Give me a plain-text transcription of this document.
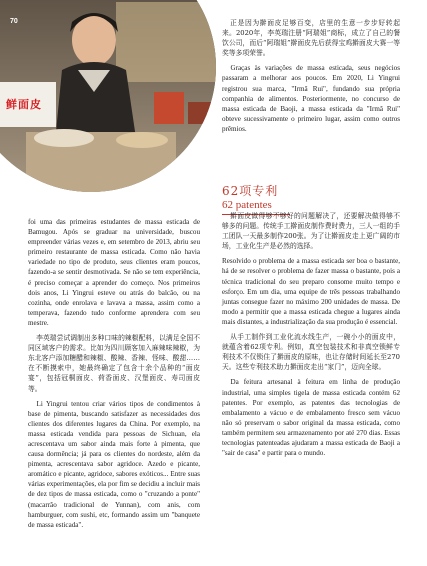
70
鲜面皮

foi uma das primeiras estudantes de massa esticada de Bamugou. Após se graduar na universidade, buscou empreender várias vezes e, em setembro de 2013, abriu seu primeiro restaurante de massa esticada. Como não havia variedade no tipo de produto, seus clientes eram poucos, fazendo-a se sentir desmotivada. Se não se tem experiência, é preciso começar a aprender do começo. Nos primeiros dois anos, Li Yingrui esteve ou atrás do balcão, ou na cozinha, onde enrolava e lavava a massa, assim como a temperava, fazendo tudo conforme aprendera com seu mestre.

李英瑞尝试调制出多种口味的辣椒配料，以满足全国不同区域客户的需求。比如为四川顾客加入麻辣味辣椒，为东北客户添加糖醋和辣椒、酸辣、香辣、怪味、酸甜……在不断摸索中，她最终确定了包含十余个品种的“面皮宴”，包括冠桐面皮、荷香面皮、汉堡面皮、寿司面皮等。

Li Yingrui tentou criar vários tipos de condimentos à base de pimenta, buscando satisfazer as necessidades dos clientes dos diferentes lugares da China. Por exemplo, na massa esticada vendida para pessoas de Sichuan, ela acrescentava um sabor ainda mais forte à pimenta, que causa dormência; já para os clientes do nordeste, além da pimenta, acrescentava sabor agridoce. Azedo e picante, aromático e picante, agridoce, sabores exóticos... Entre suas várias experimentações, ela por fim se decidiu a incluir mais de dez tipos de massa esticada, como o "cruzando a ponte" (macarrão tradicional de Yunnan), com anis, com hamburguer, com sushi, etc, formando assim um "banquete de massa esticada".

正是因为擀面皮足够百变，店里的生意一步步好转起来。2020年，李英瑞注册“阿瑞姐”商标，成立了自己的餐饮公司，而后“阿瑞姐”擀面皮先后获得宝鸡擀面皮大赛一等奖等多项荣誉。

Graças às variações de massa esticada, seus negócios passaram a melhorar aos poucos. Em 2020, Li Yingrui registrou sua marca, "Irmã Rui", fundando sua própria companhia de alimentos. Posteriormente, no concurso de massa esticada de Baoji, a massa esticada da "Irmã Rui" obteve sucessivamente o primeiro lugar, assim como outros prêmios.

62项专利
62 patentes

擀面皮做得够不够好的问题解决了，还要解决做得够不够多的问题。传统手工擀面皮制作费时费力，三人一组的手工团队一天最多制作200张。为了让擀面皮走上更广阔的市场，工业化生产是必然的选择。

Resolvido o problema de a massa esticada ser boa o bastante, há de se resolver o problema de fazer massa o bastante, pois a técnica tradicional do seu preparo consome muito tempo e esforço. Em um dia, uma equipe de três pessoas trabalhando juntas consegue fazer no máximo 200 unidades de massa. De modo a permitir que a massa esticada chegue a lugares ainda mais distantes, a industrialização da sua produção é essencial.

从手工制作到工业化流水线生产，一碗小小的面皮中，就蕴含着62项专利。例如，真空包装技术和非真空锁鲜专利技术不仅锁住了擀面皮的原味，也让存储时间延长至270天。这些专利技术助力擀面皮走出“家门”，迈向全球。

Da feitura artesanal à feitura em linha de produção industrial, uma simples tigela de massa esticada contém 62 patentes. Por exemplo, as patentes das tecnologias de embalamento a vácuo e de embalamento fresco sem vácuo não só preservam o sabor original da massa esticada, como também permitem seu armazenamento por até 270 dias. Essas tecnologias patenteadas ajudaram a massa esticada de Baoji a "sair de casa" e partir para o mundo.
